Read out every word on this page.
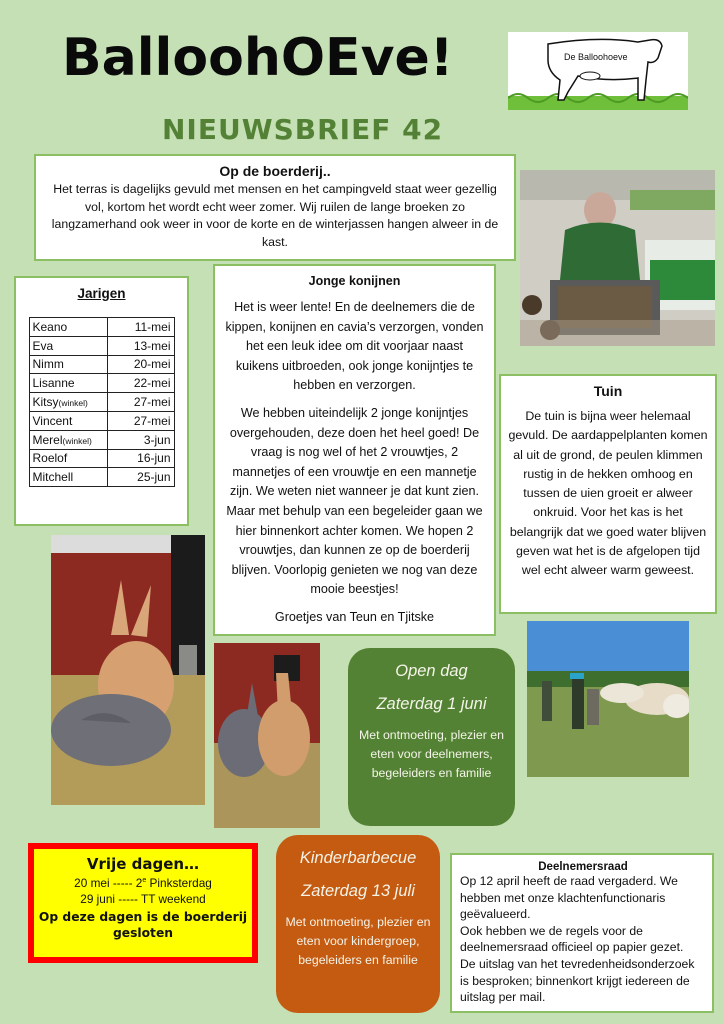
BalloohOEve!
NIEUWSBRIEF 42
De Balloohoeve
Op de boerderij..

Het terras is dagelijks gevuld met mensen en het campingveld staat weer gezellig vol, kortom het wordt echt weer zomer. Wij ruilen de lange broeken zo langzamerhand ook weer in voor de korte en de winterjassen hangen alweer in de kast.

Jarigen
Keano	11-mei
Eva	13-mei
Nimm	20-mei
Lisanne	22-mei
Kitsy(winkel)	27-mei
Vincent	27-mei
Merel(winkel)	3-jun
Roelof	16-jun
Mitchell	25-jun
Jonge konijnen

Het is weer lente! En de deelnemers die de kippen, konijnen en cavia’s verzorgen, vonden het een leuk idee om dit voorjaar naast kuikens uitbroeden, ook jonge konijntjes te hebben en verzorgen.

We hebben uiteindelijk 2 jonge konijntjes overgehouden, deze doen het heel goed! De vraag is nog wel of het 2 vrouwtjes, 2 mannetjes of een vrouwtje en een mannetje zijn. We weten niet wanneer je dat kunt zien. Maar met behulp van een begeleider gaan we hier binnenkort achter komen. We hopen 2 vrouwtjes, dan kunnen ze op de boerderij blijven. Voorlopig genieten we nog van deze mooie beestjes!

Groetjes van Teun en Tjitske

Tuin

De tuin is bijna weer helemaal gevuld. De aardappelplanten komen al uit de grond, de peulen klimmen rustig in de hekken omhoog en tussen de uien groeit er alweer onkruid. Voor het kas is het belangrijk dat we goed water blijven geven wat het is de afgelopen tijd wel echt alweer warm geweest.

Open dag
Zaterdag 1 juni
Met ontmoeting, plezier en eten voor deelnemers, begeleiders en familie
Vrije dagen…
20 mei ----- 2e Pinksterdag
29 juni ----- TT weekend
Op deze dagen is de boerderij gesloten
Kinderbarbecue
Zaterdag 13 juli
Met ontmoeting, plezier en eten voor kindergroep, begeleiders en familie
Deelnemersraad

Op 12 april heeft de raad vergaderd. We hebben met onze klachtenfunctionaris geëvalueerd.

Ook hebben we de regels voor de deelnemersraad officieel op papier gezet.

De uitslag van het tevredenheidsonderzoek is besproken; binnenkort krijgt iedereen de uitslag per mail.
